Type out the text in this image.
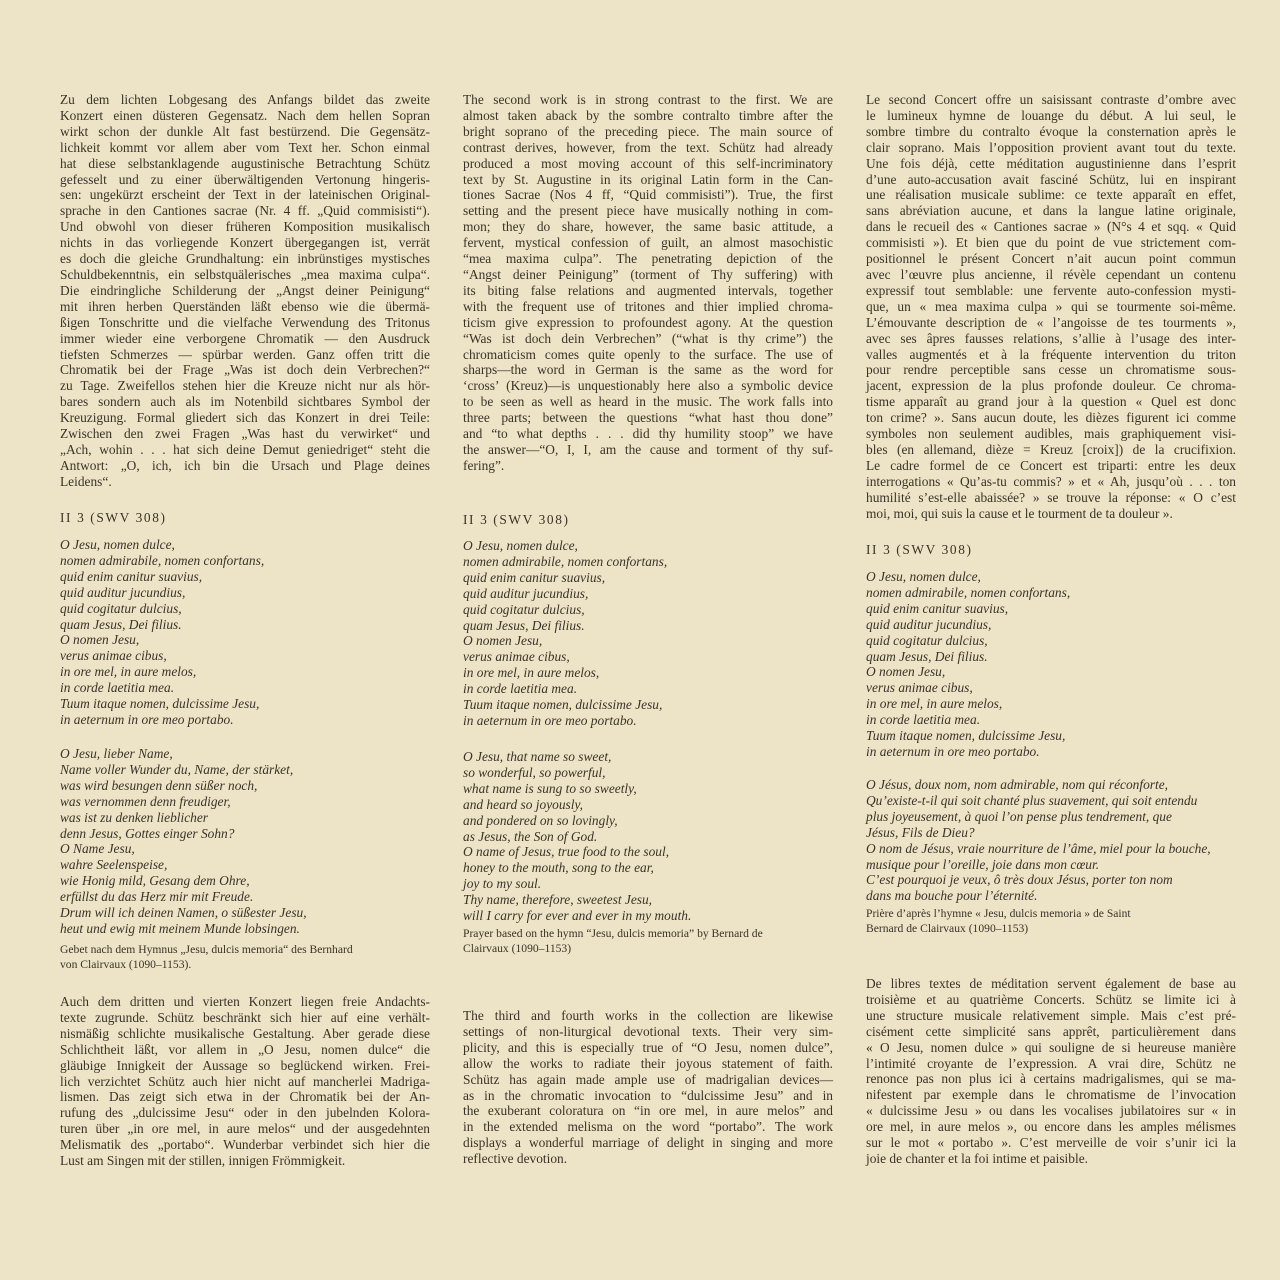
Zu dem lichten Lobgesang des Anfangs bildet das zweite
Konzert einen düsteren Gegensatz. Nach dem hellen Sopran
wirkt schon der dunkle Alt fast bestürzend. Die Gegensätz-
lichkeit kommt vor allem aber vom Text her. Schon einmal
hat diese selbstanklagende augustinische Betrachtung Schütz
gefesselt und zu einer überwältigenden Vertonung hingeris-
sen: ungekürzt erscheint der Text in der lateinischen Original-
sprache in den Cantiones sacrae (Nr. 4 ff. „Quid commisisti“).
Und obwohl von dieser früheren Komposition musikalisch
nichts in das vorliegende Konzert übergegangen ist, verrät
es doch die gleiche Grundhaltung: ein inbrünstiges mystisches
Schuldbekenntnis, ein selbstquälerisches „mea maxima culpa“.
Die eindringliche Schilderung der „Angst deiner Peinigung“
mit ihren herben Querständen läßt ebenso wie die übermä-
ßigen Tonschritte und die vielfache Verwendung des Tritonus
immer wieder eine verborgene Chromatik — den Ausdruck
tiefsten Schmerzes — spürbar werden. Ganz offen tritt die
Chromatik bei der Frage „Was ist doch dein Verbrechen?“
zu Tage. Zweifellos stehen hier die Kreuze nicht nur als hör-
bares sondern auch als im Notenbild sichtbares Symbol der
Kreuzigung. Formal gliedert sich das Konzert in drei Teile:
Zwischen den zwei Fragen „Was hast du verwirket“ und
„Ach, wohin . . . hat sich deine Demut geniedriget“ steht die
Antwort: „O, ich, ich bin die Ursach und Plage deines
Leidens“.
II 3 (SWV 308)
O Jesu, nomen dulce,
nomen admirabile, nomen confortans,
quid enim canitur suavius,
quid auditur jucundius,
quid cogitatur dulcius,
quam Jesus, Dei filius.
O nomen Jesu,
verus animae cibus,
in ore mel, in aure melos,
in corde laetitia mea.
Tuum itaque nomen, dulcissime Jesu,
in aeternum in ore meo portabo.
O Jesu, lieber Name,
Name voller Wunder du, Name, der stärket,
was wird besungen denn süßer noch,
was vernommen denn freudiger,
was ist zu denken lieblicher
denn Jesus, Gottes einger Sohn?
O Name Jesu,
wahre Seelenspeise,
wie Honig mild, Gesang dem Ohre,
erfüllst du das Herz mir mit Freude.
Drum will ich deinen Namen, o süßester Jesu,
heut und ewig mit meinem Munde lobsingen.
Gebet nach dem Hymnus „Jesu, dulcis memoria“ des Bernhard
von Clairvaux (1090–1153).
Auch dem dritten und vierten Konzert liegen freie Andachts-
texte zugrunde. Schütz beschränkt sich hier auf eine verhält-
nismäßig schlichte musikalische Gestaltung. Aber gerade diese
Schlichtheit läßt, vor allem in „O Jesu, nomen dulce“ die
gläubige Innigkeit der Aussage so beglückend wirken. Frei-
lich verzichtet Schütz auch hier nicht auf mancherlei Madriga-
lismen. Das zeigt sich etwa in der Chromatik bei der An-
rufung des „dulcissime Jesu“ oder in den jubelnden Kolora-
turen über „in ore mel, in aure melos“ und der ausgedehnten
Melismatik des „portabo“. Wunderbar verbindet sich hier die
Lust am Singen mit der stillen, innigen Frömmigkeit.
The second work is in strong contrast to the first. We are
almost taken aback by the sombre contralto timbre after the
bright soprano of the preceding piece. The main source of
contrast derives, however, from the text. Schütz had already
produced a most moving account of this self-incriminatory
text by St. Augustine in its original Latin form in the Can-
tiones Sacrae (Nos 4 ff, “Quid commisisti”). True, the first
setting and the present piece have musically nothing in com-
mon; they do share, however, the same basic attitude, a
fervent, mystical confession of guilt, an almost masochistic
“mea maxima culpa”. The penetrating depiction of the
“Angst deiner Peinigung” (torment of Thy suffering) with
its biting false relations and augmented intervals, together
with the frequent use of tritones and thier implied chroma-
ticism give expression to profoundest agony. At the question
“Was ist doch dein Verbrechen” (“what is thy crime”) the
chromaticism comes quite openly to the surface. The use of
sharps—the word in German is the same as the word for
‘cross’ (Kreuz)—is unquestionably here also a symbolic device
to be seen as well as heard in the music. The work falls into
three parts; between the questions “what hast thou done”
and “to what depths . . . did thy humility stoop” we have
the answer—“O, I, I, am the cause and torment of thy suf-
fering”.
II 3 (SWV 308)
O Jesu, nomen dulce,
nomen admirabile, nomen confortans,
quid enim canitur suavius,
quid auditur jucundius,
quid cogitatur dulcius,
quam Jesus, Dei filius.
O nomen Jesu,
verus animae cibus,
in ore mel, in aure melos,
in corde laetitia mea.
Tuum itaque nomen, dulcissime Jesu,
in aeternum in ore meo portabo.
O Jesu, that name so sweet,
so wonderful, so powerful,
what name is sung to so sweetly,
and heard so joyously,
and pondered on so lovingly,
as Jesus, the Son of God.
O name of Jesus, true food to the soul,
honey to the mouth, song to the ear,
joy to my soul.
Thy name, therefore, sweetest Jesu,
will I carry for ever and ever in my mouth.
Prayer based on the hymn “Jesu, dulcis memoria” by Bernard de
Clairvaux (1090–1153)
The third and fourth works in the collection are likewise
settings of non-liturgical devotional texts. Their very sim-
plicity, and this is especially true of “O Jesu, nomen dulce”,
allow the works to radiate their joyous statement of faith.
Schütz has again made ample use of madrigalian devices—
as in the chromatic invocation to “dulcissime Jesu” and in
the exuberant coloratura on “in ore mel, in aure melos” and
in the extended melisma on the word “portabo”. The work
displays a wonderful marriage of delight in singing and more
reflective devotion.
Le second Concert offre un saisissant contraste d’ombre avec
le lumineux hymne de louange du début. A lui seul, le
sombre timbre du contralto évoque la consternation après le
clair soprano. Mais l’opposition provient avant tout du texte.
Une fois déjà, cette méditation augustinienne dans l’esprit
d’une auto-accusation avait fasciné Schütz, lui en inspirant
une réalisation musicale sublime: ce texte apparaît en effet,
sans abréviation aucune, et dans la langue latine originale,
dans le recueil des « Cantiones sacrae » (N°s 4 et sqq. « Quid
commisisti »). Et bien que du point de vue strictement com-
positionnel le présent Concert n’ait aucun point commun
avec l’œuvre plus ancienne, il révèle cependant un contenu
expressif tout semblable: une fervente auto-confession mysti-
que, un « mea maxima culpa » qui se tourmente soi-même.
L’émouvante description de « l’angoisse de tes tourments »,
avec ses âpres fausses relations, s’allie à l’usage des inter-
valles augmentés et à la fréquente intervention du triton
pour rendre perceptible sans cesse un chromatisme sous-
jacent, expression de la plus profonde douleur. Ce chroma-
tisme apparaît au grand jour à la question « Quel est donc
ton crime? ». Sans aucun doute, les dièzes figurent ici comme
symboles non seulement audibles, mais graphiquement visi-
bles (en allemand, dièze = Kreuz [croix]) de la crucifixion.
Le cadre formel de ce Concert est triparti: entre les deux
interrogations « Qu’as-tu commis? » et « Ah, jusqu’où . . . ton
humilité s’est-elle abaissée? » se trouve la réponse: « O c’est
moi, moi, qui suis la cause et le tourment de ta douleur ».
II 3 (SWV 308)
O Jesu, nomen dulce,
nomen admirabile, nomen confortans,
quid enim canitur suavius,
quid auditur jucundius,
quid cogitatur dulcius,
quam Jesus, Dei filius.
O nomen Jesu,
verus animae cibus,
in ore mel, in aure melos,
in corde laetitia mea.
Tuum itaque nomen, dulcissime Jesu,
in aeternum in ore meo portabo.
O Jésus, doux nom, nom admirable, nom qui réconforte,
Qu’existe-t-il qui soit chanté plus suavement, qui soit entendu
plus joyeusement, à quoi l’on pense plus tendrement, que
Jésus, Fils de Dieu?
O nom de Jésus, vraie nourriture de l’âme, miel pour la bouche,
musique pour l’oreille, joie dans mon cœur.
C’est pourquoi je veux, ô très doux Jésus, porter ton nom
dans ma bouche pour l’éternité.
Prière d’après l’hymne « Jesu, dulcis memoria » de Saint
Bernard de Clairvaux (1090–1153)
De libres textes de méditation servent également de base au
troisième et au quatrième Concerts. Schütz se limite ici à
une structure musicale relativement simple. Mais c’est pré-
cisément cette simplicité sans apprêt, particulièrement dans
« O Jesu, nomen dulce » qui souligne de si heureuse manière
l’intimité croyante de l’expression. A vrai dire, Schütz ne
renonce pas non plus ici à certains madrigalismes, qui se ma-
nifestent par exemple dans le chromatisme de l’invocation
« dulcissime Jesu » ou dans les vocalises jubilatoires sur « in
ore mel, in aure melos », ou encore dans les amples mélismes
sur le mot « portabo ». C’est merveille de voir s’unir ici la
joie de chanter et la foi intime et paisible.
